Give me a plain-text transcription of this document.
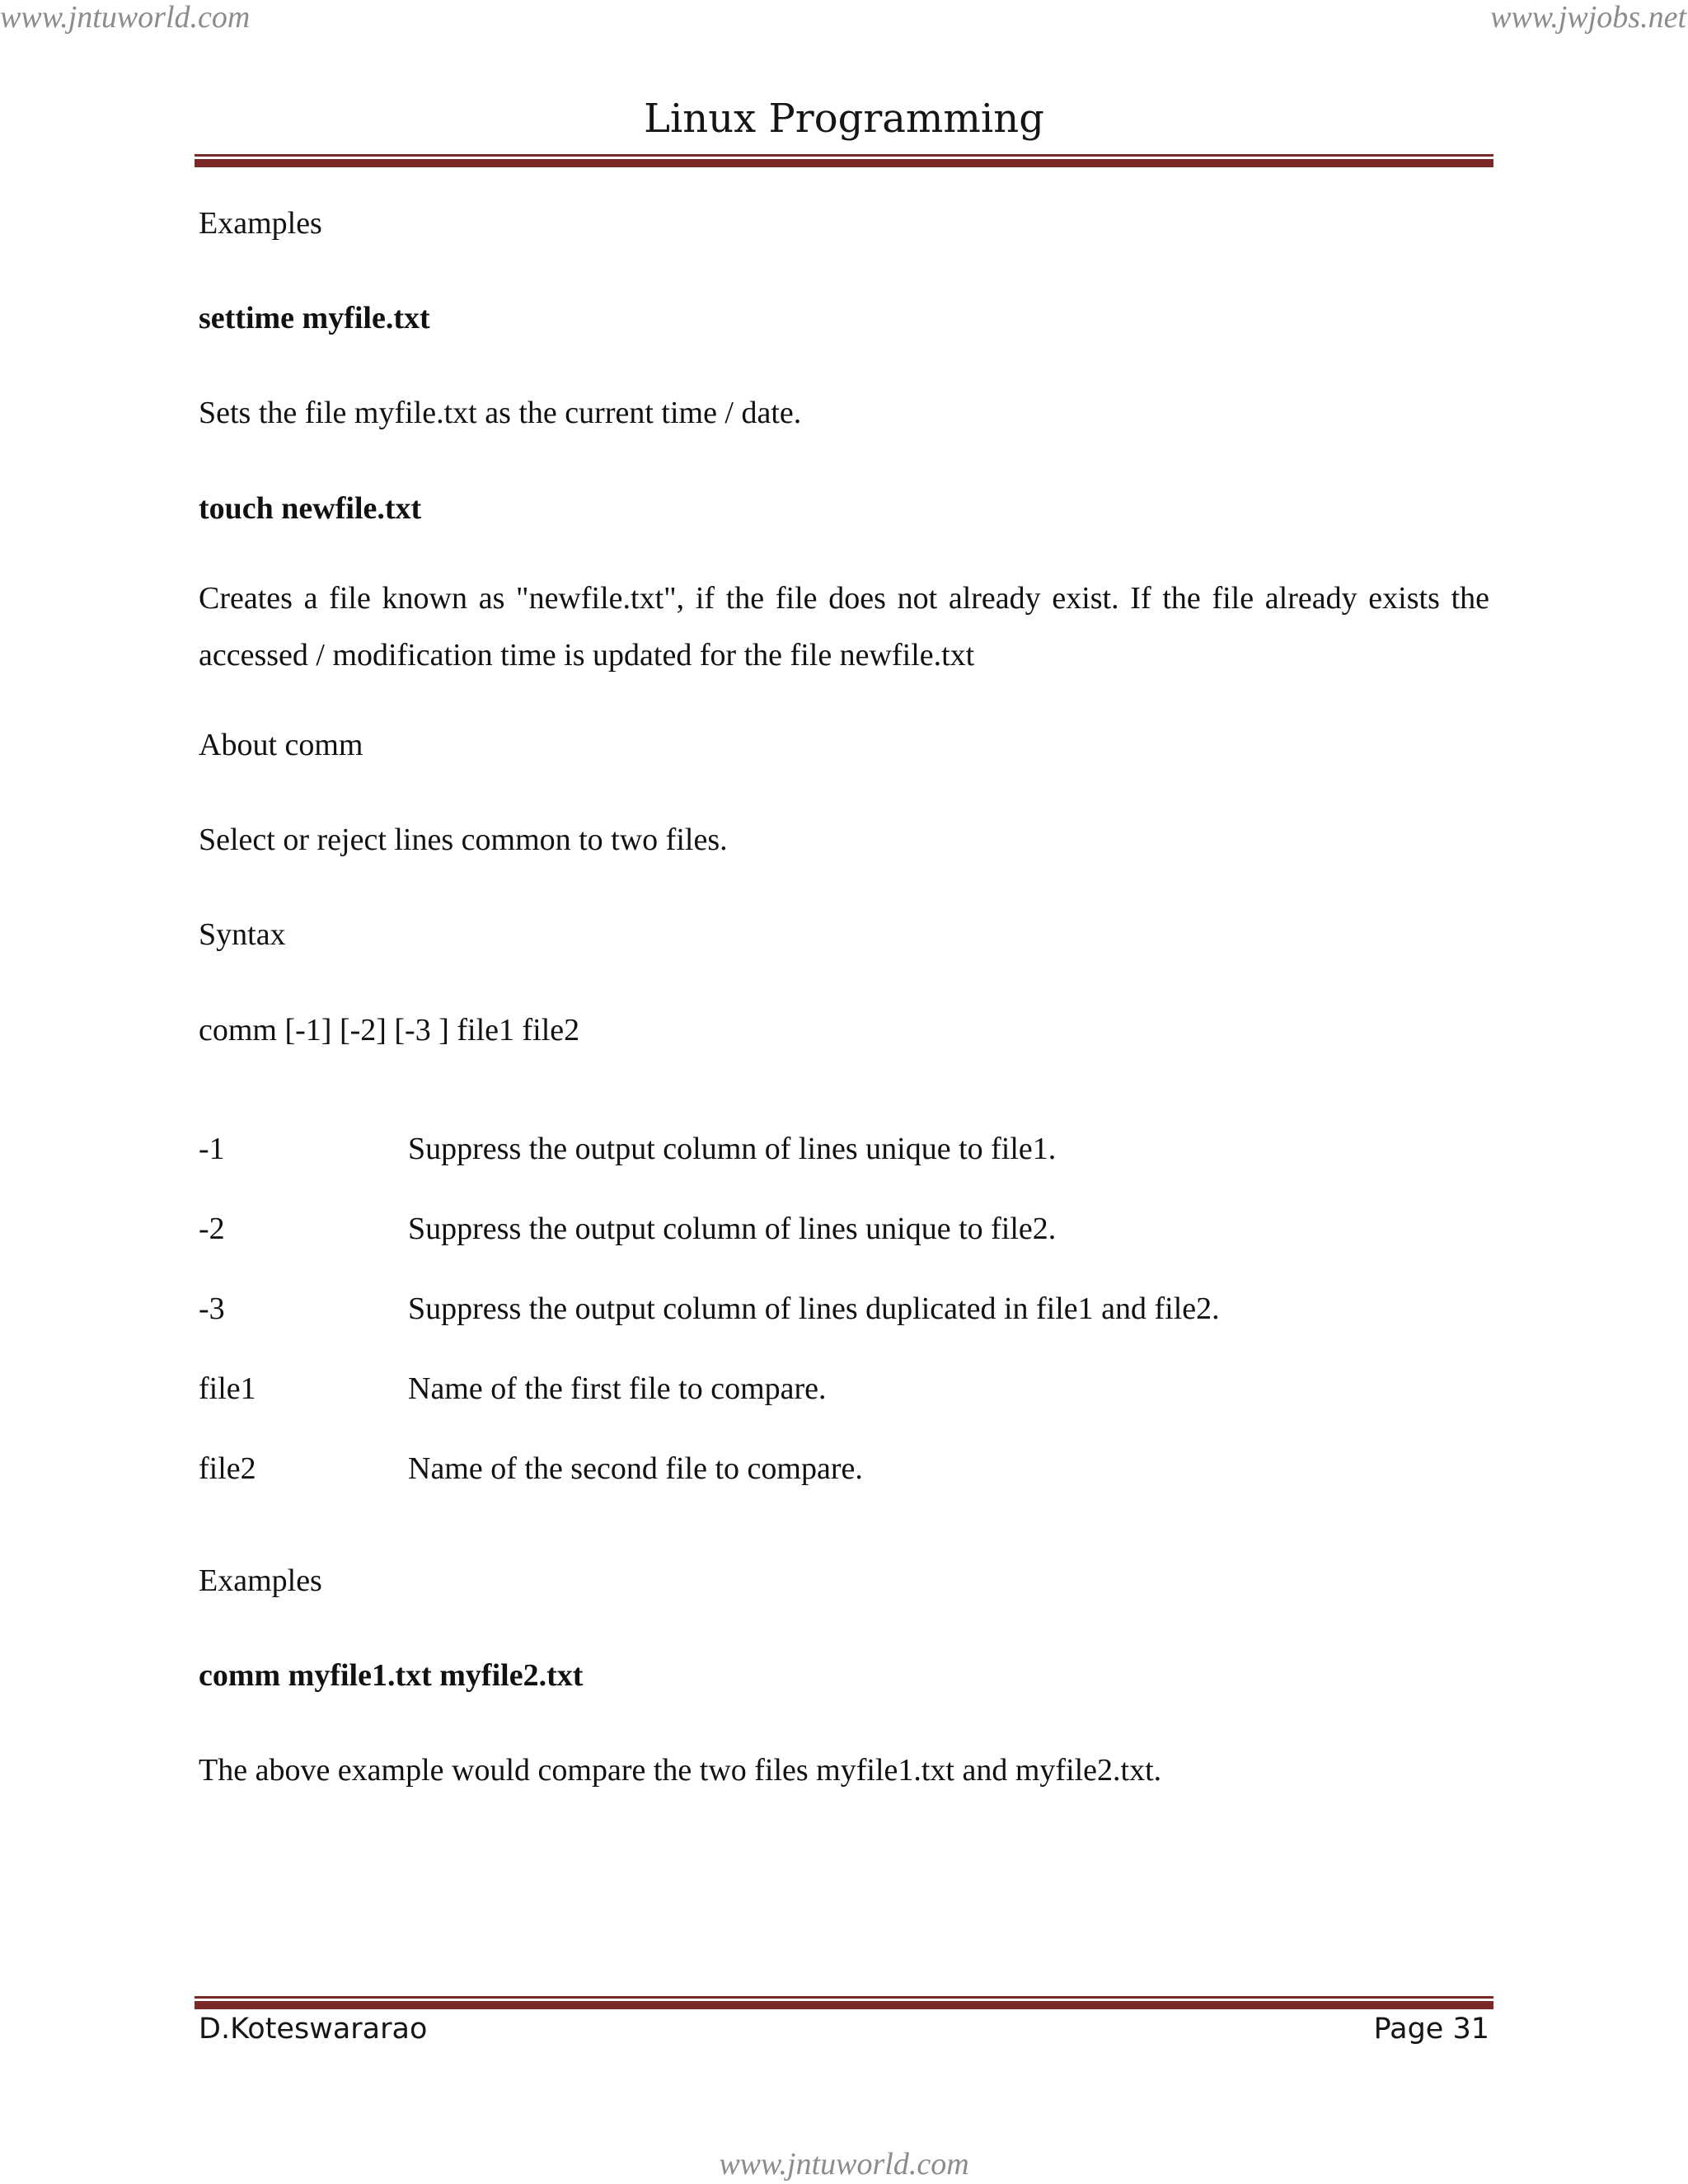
www.jntuworld.com	www.jwjobs.net
Linux Programming

Examples

settime myfile.txt

Sets the file myfile.txt as the current time / date.

touch newfile.txt

Creates a file known as "newfile.txt", if the file does not already exist. If the file already exists the accessed / modification time is updated for the file newfile.txt

About comm

Select or reject lines common to two files.

Syntax

comm [-1] [-2] [-3 ] file1 file2

-1	Suppress the output column of lines unique to file1.
-2	Suppress the output column of lines unique to file2.
-3	Suppress the output column of lines duplicated in file1 and file2.
file1	Name of the first file to compare.
file2	Name of the second file to compare.

Examples

comm myfile1.txt myfile2.txt

The above example would compare the two files myfile1.txt and myfile2.txt.

D.Koteswararao	Page 31
www.jntuworld.com
